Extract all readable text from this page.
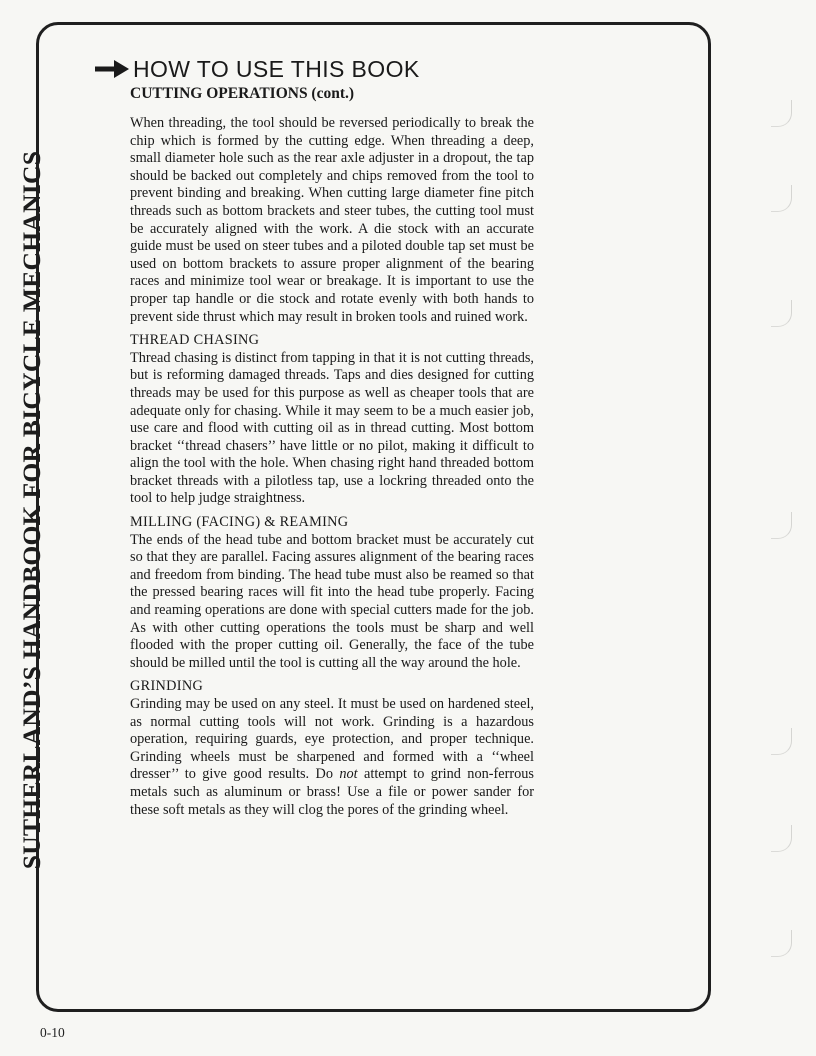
SUTHERLAND’S HANDBOOK FOR BICYCLE MECHANICS
HOW TO USE THIS BOOK
CUTTING OPERATIONS (cont.)

When threading, the tool should be reversed periodically to break the chip which is formed by the cutting edge. When threading a deep, small diameter hole such as the rear axle adjuster in a dropout, the tap should be backed out completely and chips removed from the tool to prevent binding and breaking. When cutting large diameter fine pitch threads such as bottom brackets and steer tubes, the cutting tool must be accurately aligned with the work. A die stock with an accurate guide must be used on steer tubes and a piloted double tap set must be used on bottom brackets to assure proper alignment of the bearing races and minimize tool wear or breakage. It is important to use the proper tap handle or die stock and rotate evenly with both hands to prevent side thrust which may result in broken tools and ruined work.

THREAD CHASING

Thread chasing is distinct from tapping in that it is not cutting threads, but is reforming damaged threads. Taps and dies designed for cutting threads may be used for this purpose as well as cheaper tools that are adequate only for chasing. While it may seem to be a much easier job, use care and flood with cutting oil as in thread cutting. Most bottom bracket ‘‘thread chasers’’ have little or no pilot, making it difficult to align the tool with the hole. When chasing right hand threaded bottom bracket threads with a pilotless tap, use a lockring threaded onto the tool to help judge straightness.

MILLING (FACING) & REAMING

The ends of the head tube and bottom bracket must be accurately cut so that they are parallel. Facing assures alignment of the bearing races and freedom from binding. The head tube must also be reamed so that the pressed bearing races will fit into the head tube properly. Facing and reaming operations are done with special cutters made for the job. As with other cutting operations the tools must be sharp and well flooded with the proper cutting oil. Generally, the face of the tube should be milled until the tool is cutting all the way around the hole.

GRINDING

Grinding may be used on any steel. It must be used on hardened steel, as normal cutting tools will not work. Grinding is a hazardous operation, requiring guards, eye protection, and proper technique. Grinding wheels must be sharpened and formed with a ‘‘wheel dresser’’ to give good results. Do not attempt to grind non-ferrous metals such as aluminum or brass! Use a file or power sander for these soft metals as they will clog the pores of the grinding wheel.

0-10
